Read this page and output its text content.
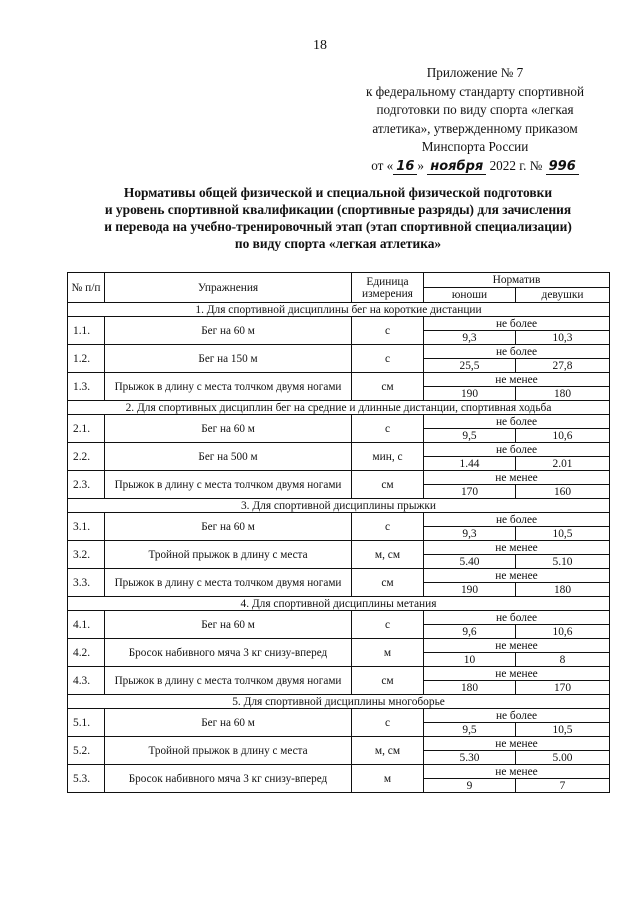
18
Приложение № 7
к федеральному стандарту спортивной
подготовки по виду спорта «легкая
атлетика», утвержденному приказом
Минспорта России
от « 16 » ноября 2022 г. № 996
Нормативы общей физической и специальной физической подготовки
и уровень спортивной квалификации (спортивные разряды) для зачисления
и перевода на учебно-тренировочный этап (этап спортивной специализации)
по виду спорта «легкая атлетика»
№ п/п	Упражнения	Единица измерения	Норматив	
			юноши	девушки
1. Для спортивной дисциплины бег на короткие дистанции				
1.1.	Бег на 60 м	с	не более	
			9,3	10,3
1.2.	Бег на 150 м	с	не более	
			25,5	27,8
1.3.	Прыжок в длину с места толчком двумя ногами	см	не менее	
			190	180
2. Для спортивных дисциплин бег на средние и длинные дистанции, спортивная ходьба				
2.1.	Бег на 60 м	с	не более	
			9,5	10,6
2.2.	Бег на 500 м	мин, с	не более	
			1.44	2.01
2.3.	Прыжок в длину с места толчком двумя ногами	см	не менее	
			170	160
3. Для спортивной дисциплины прыжки				
3.1.	Бег на 60 м	с	не более	
			9,3	10,5
3.2.	Тройной прыжок в длину с места	м, см	не менее	
			5.40	5.10
3.3.	Прыжок в длину с места толчком двумя ногами	см	не менее	
			190	180
4. Для спортивной дисциплины метания				
4.1.	Бег на 60 м	с	не более	
			9,6	10,6
4.2.	Бросок набивного мяча 3 кг снизу-вперед	м	не менее	
			10	8
4.3.	Прыжок в длину с места толчком двумя ногами	см	не менее	
			180	170
5. Для спортивной дисциплины многоборье				
5.1.	Бег на 60 м	с	не более	
			9,5	10,5
5.2.	Тройной прыжок в длину с места	м, см	не менее	
			5.30	5.00
5.3.	Бросок набивного мяча 3 кг снизу-вперед	м	не менее	
			9	7
